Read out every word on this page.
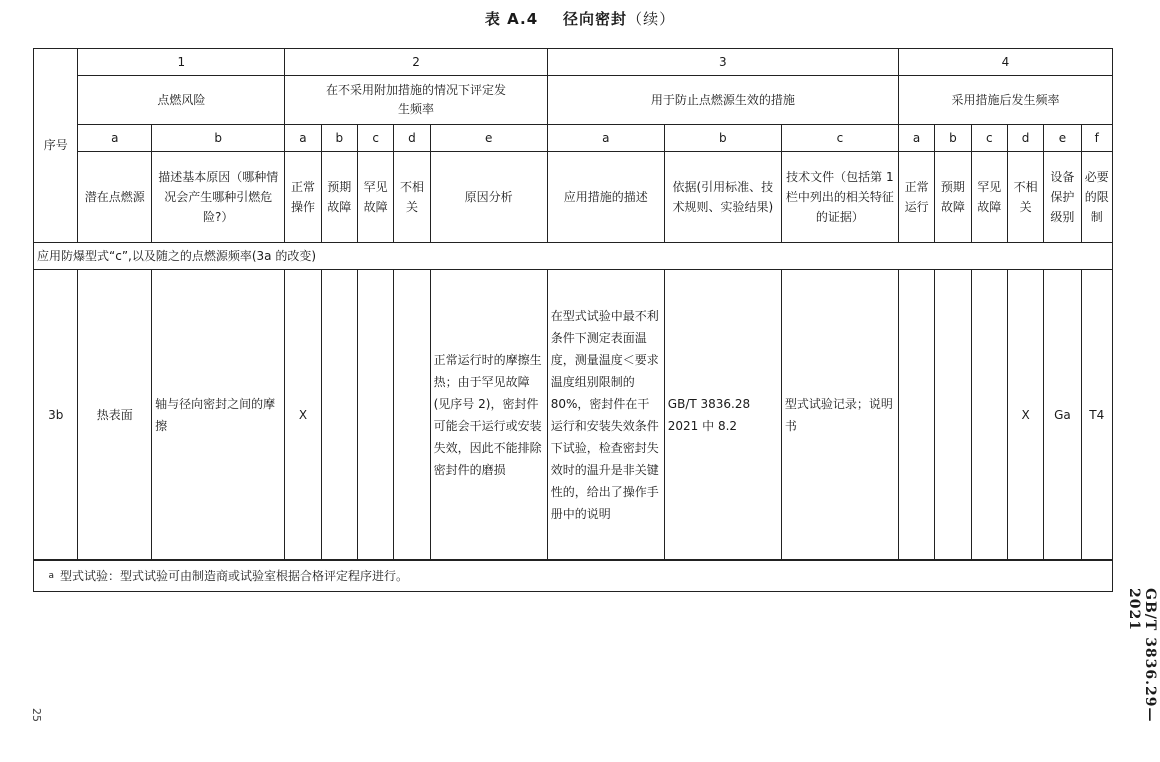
表 A.4 径向密封（续）
序号	1		2					3			4					
	点燃风险		在不采用附加措施的情况下评定发生频率					用于防止点燃源生效的措施			采用措施后发生频率					
	a	b	a	b	c	d	e	a	b	c	a	b	c	d	e	f
	潜在点燃源	描述基本原因（哪种情况会产生哪种引燃危险?）	正常操作	预期故障	罕见故障	不相关	原因分析	应用措施的描述	依据(引用标准、技术规则、实验结果)	技术文件（包括第 1 栏中列出的相关特征的证据）	正常运行	预期故障	罕见故障	不相关	设备保护级别	必要的限制
应用防爆型式“c”,以及随之的点燃源频率(3a 的改变)																
3b	热表面	轴与径向密封之间的摩擦	X				正常运行时的摩擦生热；由于罕见故障(见序号 2)，密封件可能会干运行或安装失效，因此不能排除密封件的磨损	在型式试验中最不利条件下测定表面温度，测量温度＜要求温度组别限制的 80%，密封件在干运行和安装失效条件下试验，检查密封失效时的温升是非关键性的，给出了操作手册中的说明	GB/T 3836.28 2021 中 8.2	型式试验记录；说明书				X	Ga	T4
$^a$ 型式试验：型式试验可由制造商或试验室根据合格评定程序进行。																
GB/T 3836.29—2021
25
